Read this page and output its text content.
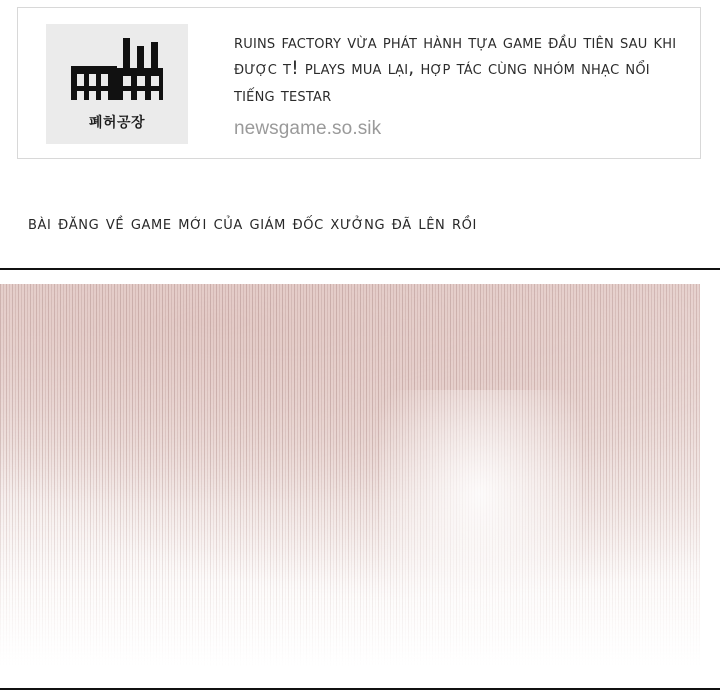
폐허공장
ruins factory vừa phát hành tựa game đầu tiên sau khi được t! plays mua lại, hợp tác cùng nhóm nhạc nổi tiếng testar
newsgame.so.sik
bài đăng về game mới của giám đốc xưởng đã lên rồi
